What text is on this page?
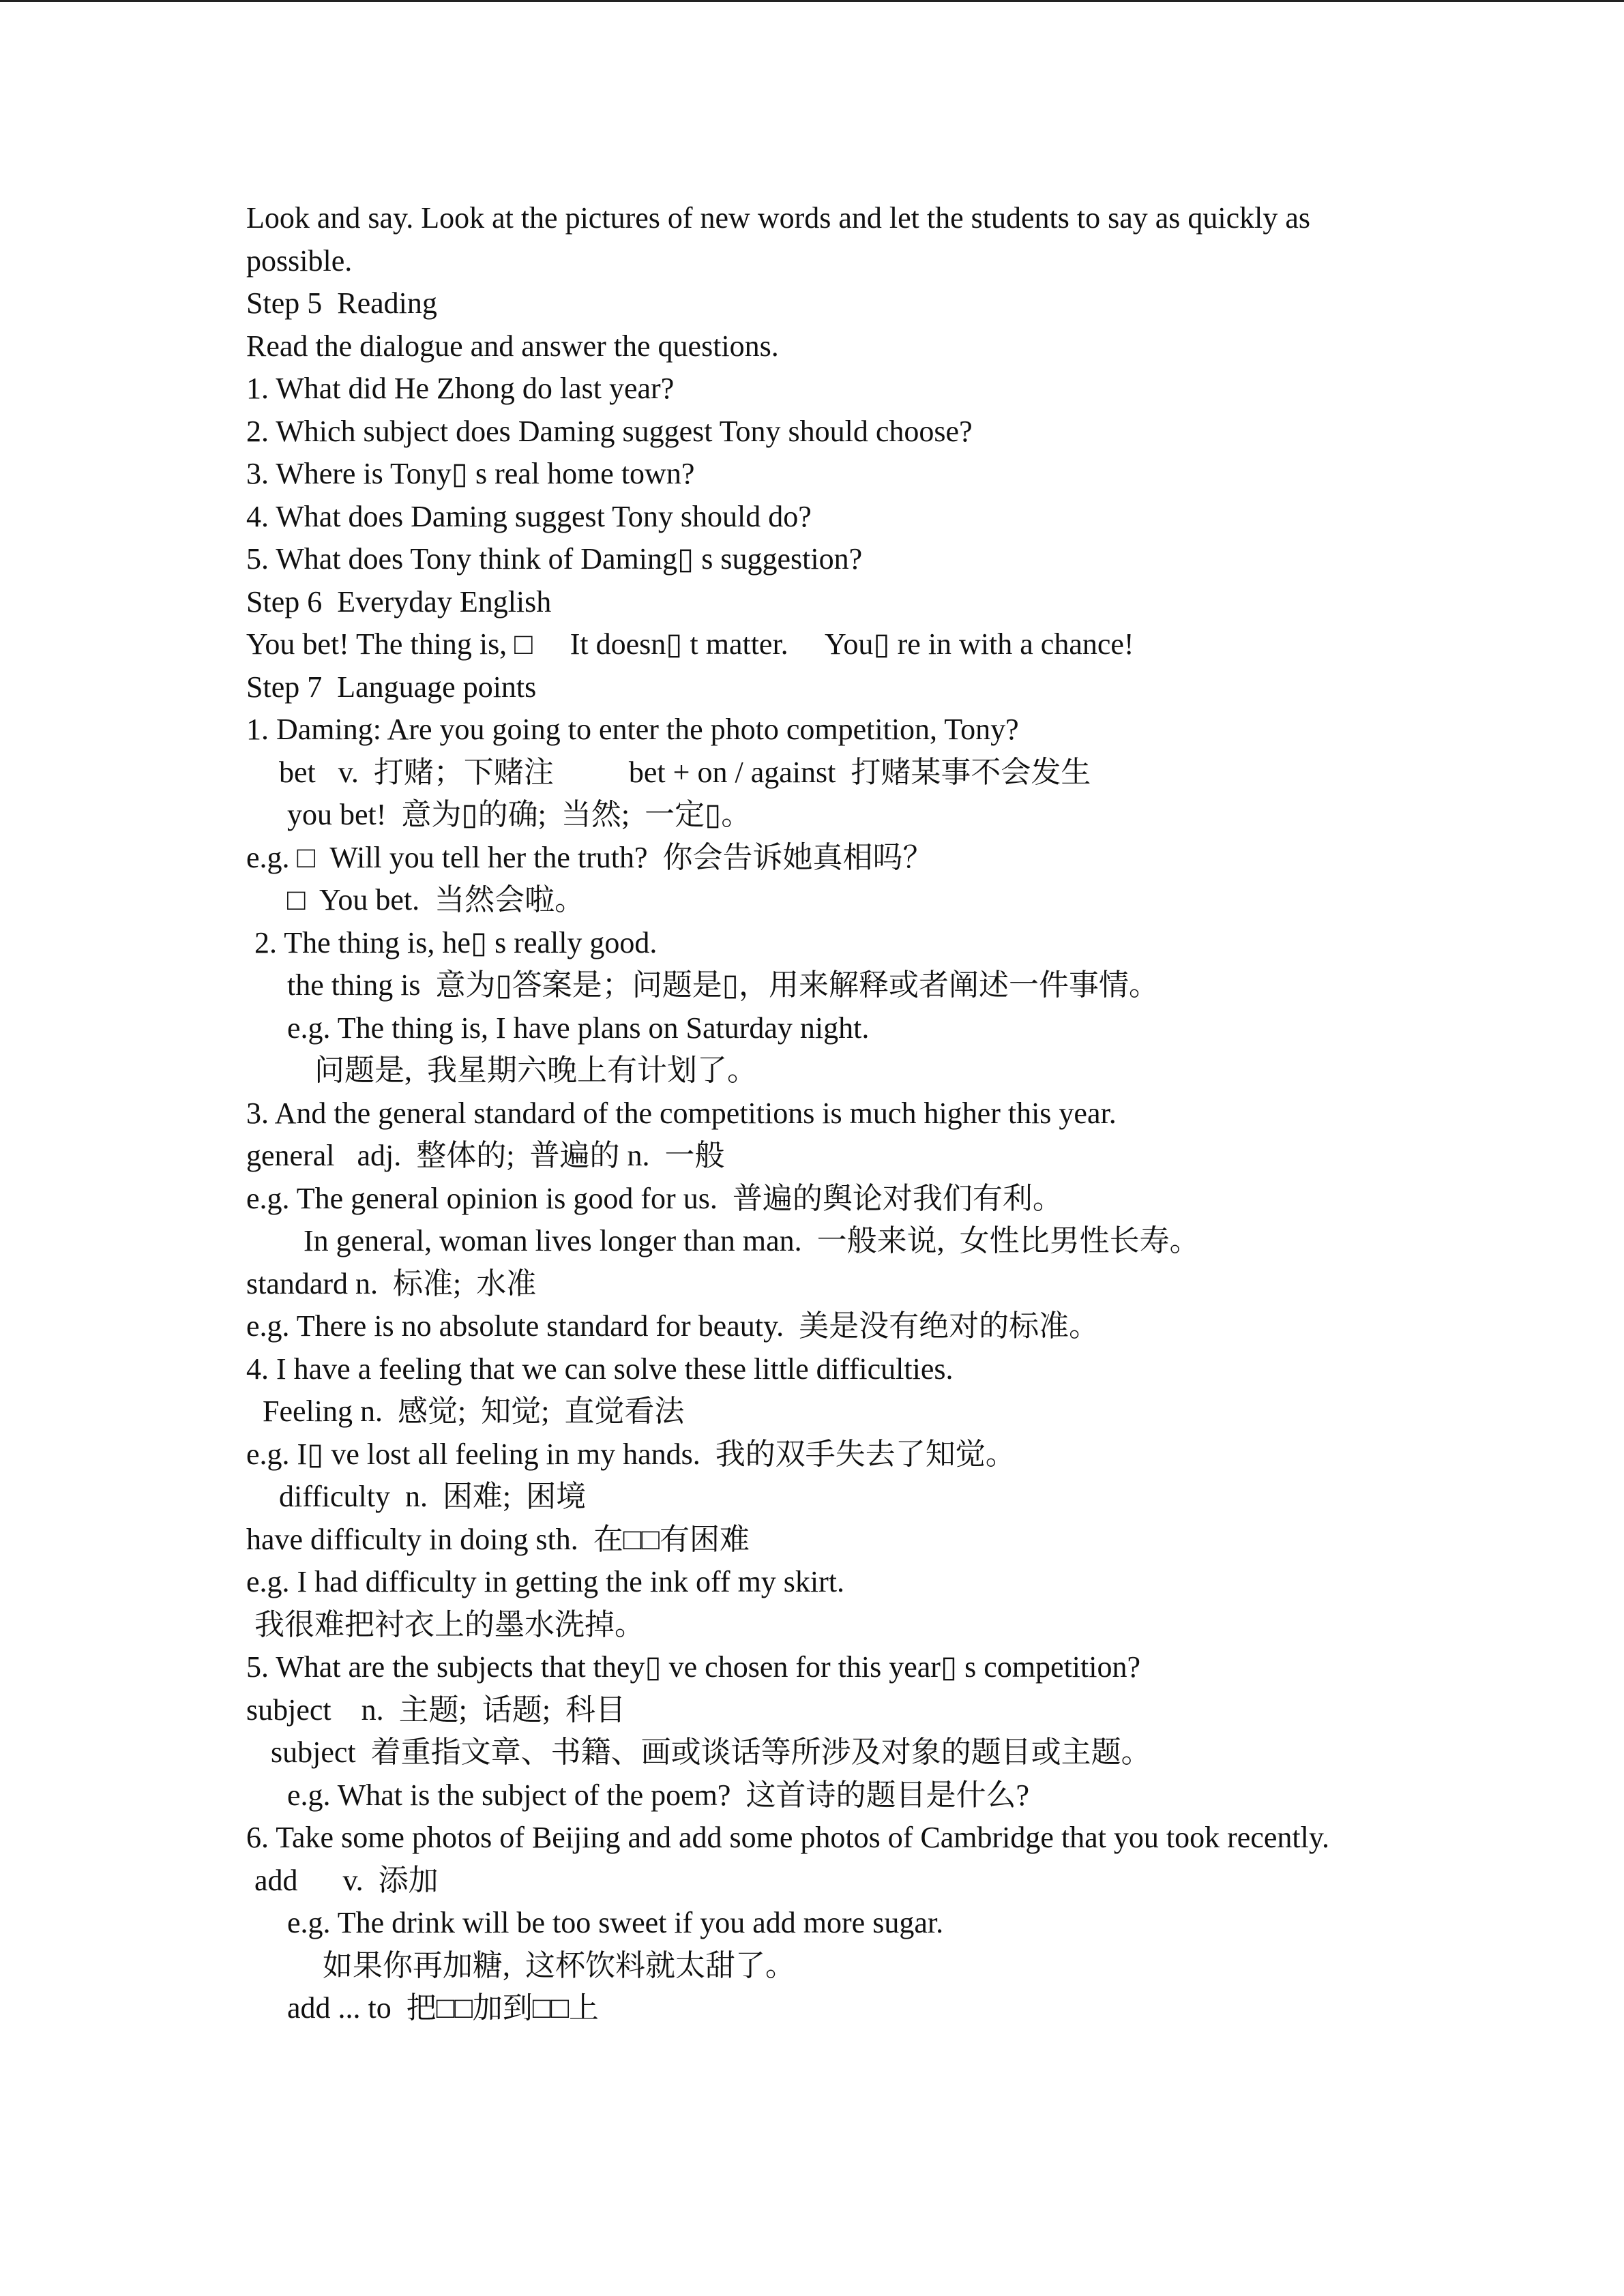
Look and say. Look at the pictures of new words and let the students to say as quickly as possible.
Step 5  Reading
Read the dialogue and answer the questions.
1. What did He Zhong do last year?
2. Which subject does Daming suggest Tony should choose?
3. Where is Tony▯ s real home town?
4. What does Daming suggest Tony should do?
5. What does Tony think of Daming▯ s suggestion?
Step 6  Everyday English
You bet! The thing is, □     It doesn▯ t matter.     You▯ re in with a chance!
Step 7  Language points
1. Daming: Are you going to enter the photo competition, Tony?
bet   v.  打赌；下赌注          bet + on / against  打赌某事不会发生
you bet!  意为▯的确;  当然;  一定▯。
e.g. □  Will you tell her the truth?  你会告诉她真相吗？
□  You bet.  当然会啦。
2. The thing is, he▯ s really good.
the thing is  意为▯答案是；问题是▯，用来解释或者阐述一件事情。
e.g. The thing is, I have plans on Saturday night.
问题是,  我星期六晚上有计划了。
3. And the general standard of the competitions is much higher this year.
general   adj.  整体的;  普遍的 n.  一般
e.g. The general opinion is good for us.  普遍的舆论对我们有利。
In general, woman lives longer than man.  一般来说,  女性比男性长寿。
standard n.  标准;  水准
e.g. There is no absolute standard for beauty.  美是没有绝对的标准。
4. I have a feeling that we can solve these little difficulties.
Feeling n.  感觉;  知觉;  直觉看法
e.g. I▯ ve lost all feeling in my hands.  我的双手失去了知觉。
difficulty  n.  困难;  困境
have difficulty in doing sth.  在□□有困难
e.g. I had difficulty in getting the ink off my skirt.
我很难把衬衣上的墨水洗掉。
5. What are the subjects that they▯ ve chosen for this year▯ s competition?
subject    n.  主题;  话题;  科目
subject  着重指文章、书籍、画或谈话等所涉及对象的题目或主题。
e.g. What is the subject of the poem?  这首诗的题目是什么?
6. Take some photos of Beijing and add some photos of Cambridge that you took recently.
add      v.  添加
e.g. The drink will be too sweet if you add more sugar.
如果你再加糖,  这杯饮料就太甜了。
add ... to  把□□加到□□上
